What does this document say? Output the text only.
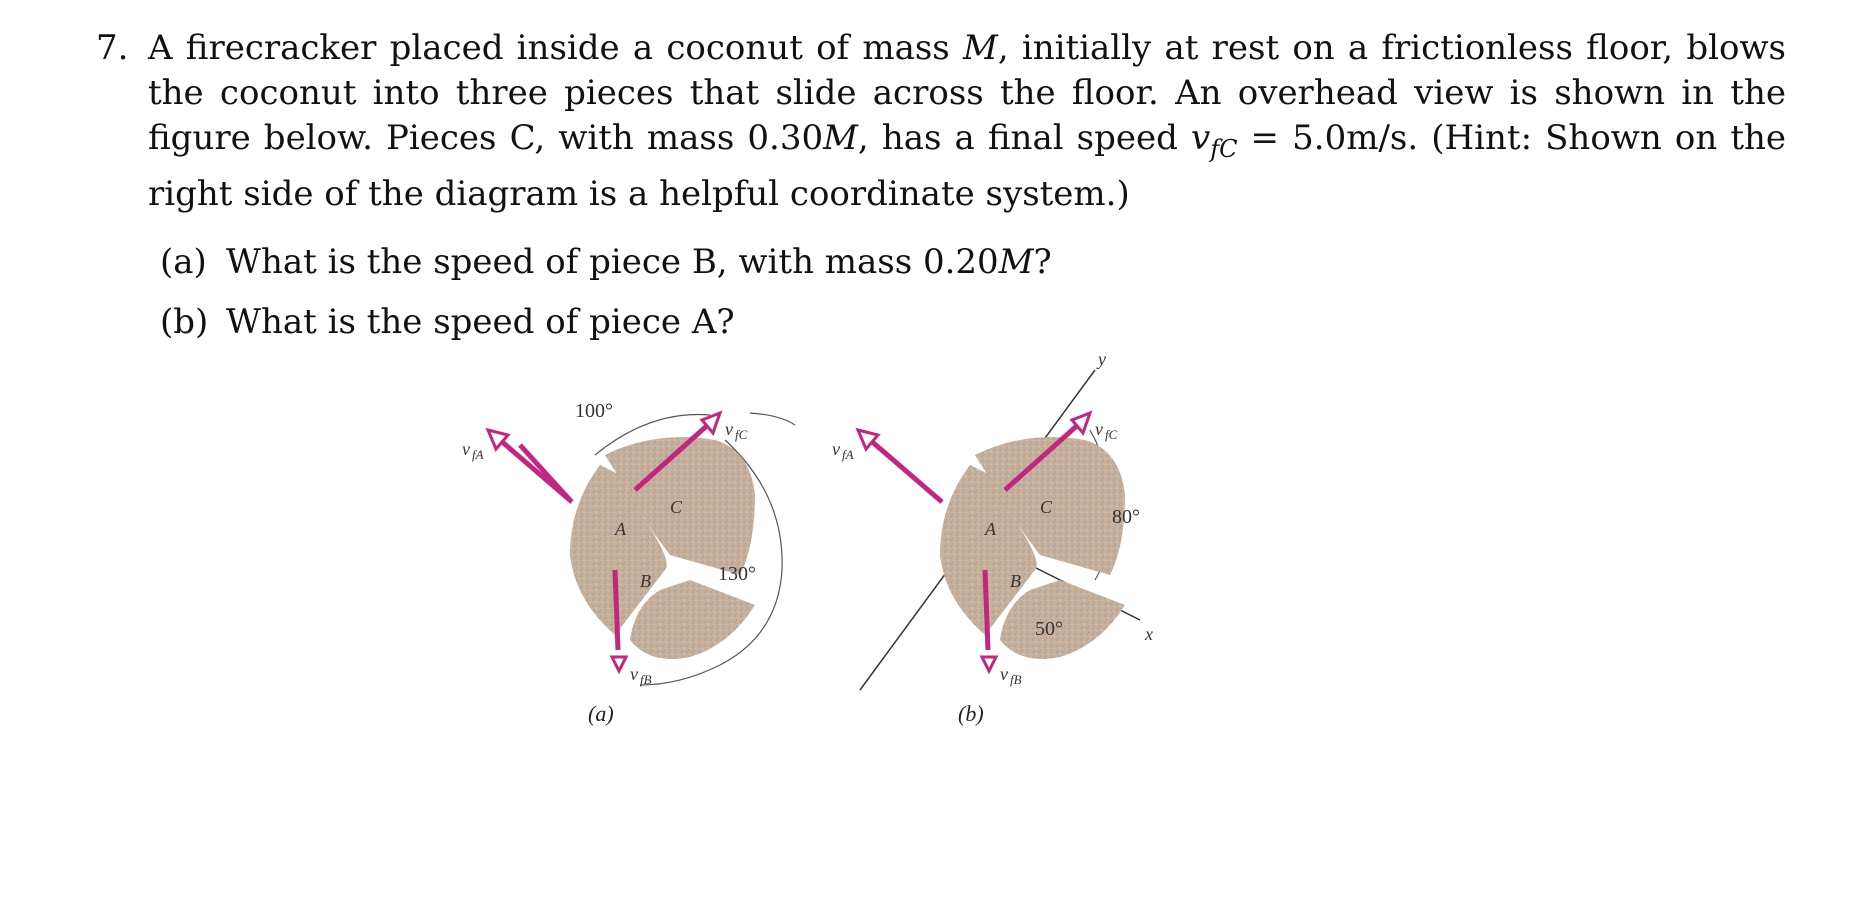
7. A firecracker placed inside a coconut of mass M, initially at rest on a frictionless floor, blows the coconut into three pieces that slide across the floor. An overhead view is shown in the figure below. Pieces C, with mass 0.30M, has a final speed $v_{fC} = 5.0m/s$. (Hint: Shown on the right side of the diagram is a helpful coordinate system.)
(a) What is the speed of piece B, with mass 0.20M?
(b) What is the speed of piece A?
A
C
B
100°
130°
v fA
v fC
v fB
(a)
y
x
A
C
B
80°
50°
v fA
v fC
v fB
(b)
